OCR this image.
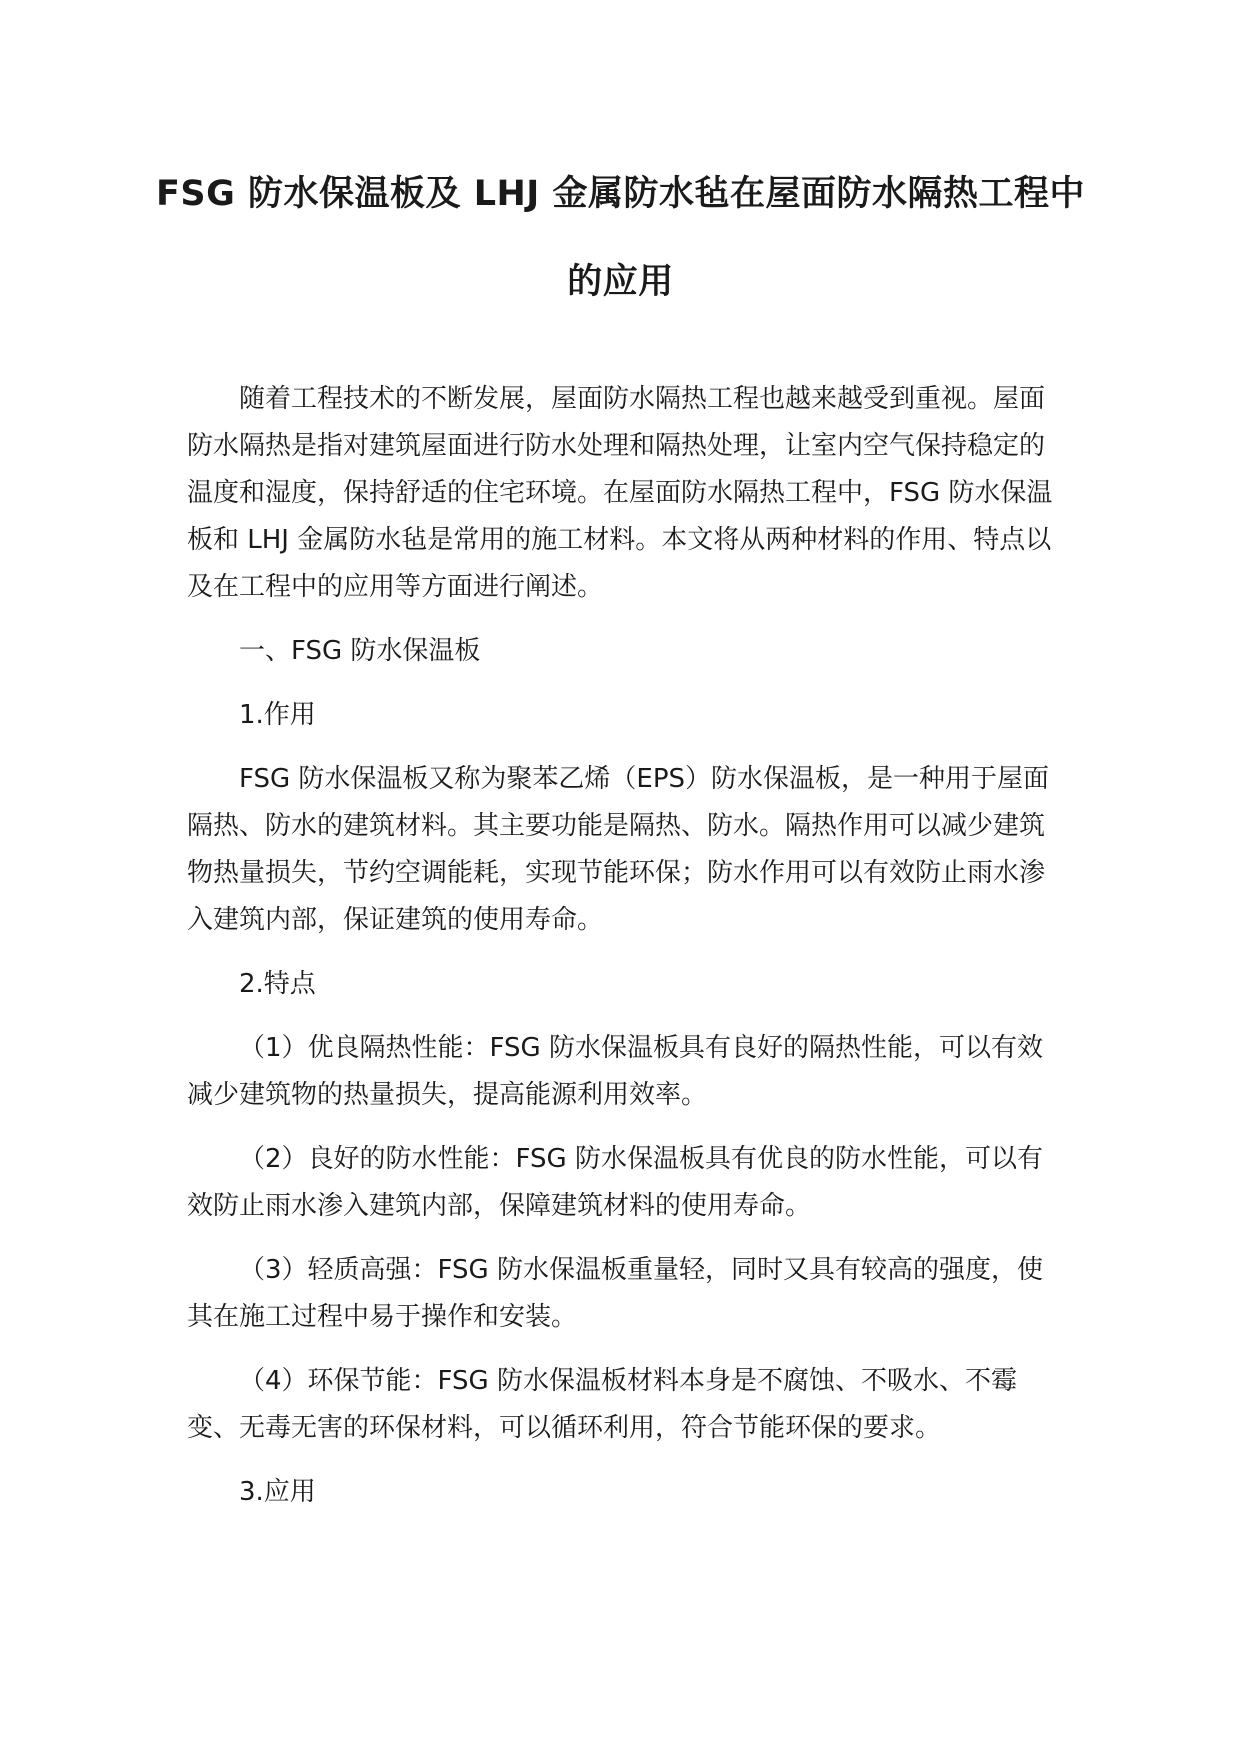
FSG 防水保温板及 LHJ 金属防水毡在屋面防水隔热工程中的应用

随着工程技术的不断发展，屋面防水隔热工程也越来越受到重视。屋面防水隔热是指对建筑屋面进行防水处理和隔热处理，让室内空气保持稳定的温度和湿度，保持舒适的住宅环境。在屋面防水隔热工程中，FSG 防水保温板和 LHJ 金属防水毡是常用的施工材料。本文将从两种材料的作用、特点以及在工程中的应用等方面进行阐述。

一、FSG 防水保温板

1.作用

FSG 防水保温板又称为聚苯乙烯（EPS）防水保温板，是一种用于屋面隔热、防水的建筑材料。其主要功能是隔热、防水。隔热作用可以减少建筑物热量损失，节约空调能耗，实现节能环保；防水作用可以有效防止雨水渗入建筑内部，保证建筑的使用寿命。

2.特点

（1）优良隔热性能：FSG 防水保温板具有良好的隔热性能，可以有效减少建筑物的热量损失，提高能源利用效率。

（2）良好的防水性能：FSG 防水保温板具有优良的防水性能，可以有效防止雨水渗入建筑内部，保障建筑材料的使用寿命。

（3）轻质高强：FSG 防水保温板重量轻，同时又具有较高的强度，使其在施工过程中易于操作和安装。

（4）环保节能：FSG 防水保温板材料本身是不腐蚀、不吸水、不霉变、无毒无害的环保材料，可以循环利用，符合节能环保的要求。

3.应用
